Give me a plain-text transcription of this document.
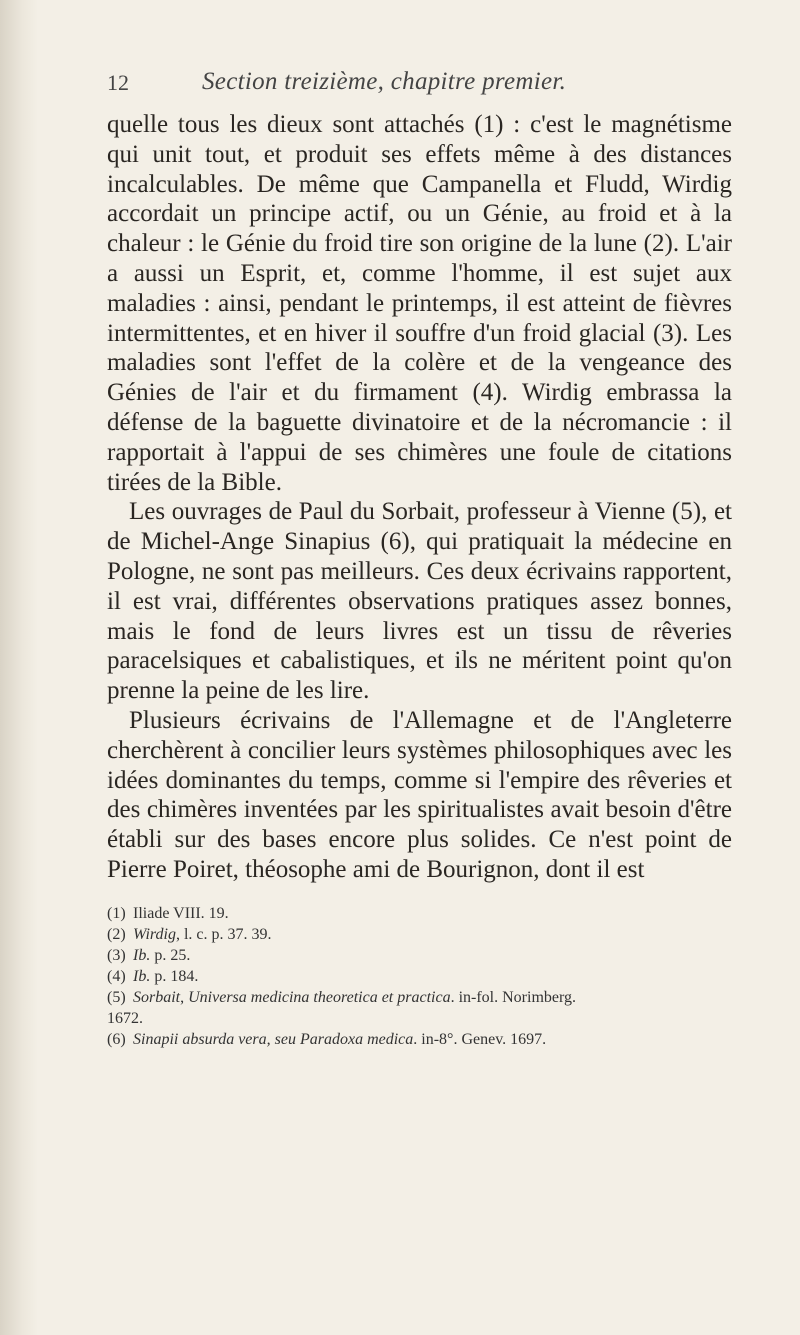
12	Section treizième, chapitre premier.

quelle tous les dieux sont attachés (1) : c'est le magnétisme qui unit tout, et produit ses effets même à des distances incalculables. De même que Campanella et Fludd, Wirdig accordait un principe actif, ou un Génie, au froid et à la chaleur : le Génie du froid tire son origine de la lune (2). L'air a aussi un Esprit, et, comme l'homme, il est sujet aux maladies : ainsi, pendant le printemps, il est atteint de fièvres intermittentes, et en hiver il souffre d'un froid glacial (3). Les maladies sont l'effet de la colère et de la vengeance des Génies de l'air et du firmament (4). Wirdig embrassa la défense de la baguette divinatoire et de la nécromancie : il rapportait à l'appui de ses chimères une foule de citations tirées de la Bible.

Les ouvrages de Paul du Sorbait, professeur à Vienne (5), et de Michel-Ange Sinapius (6), qui pratiquait la médecine en Pologne, ne sont pas meilleurs. Ces deux écrivains rapportent, il est vrai, différentes observations pratiques assez bonnes, mais le fond de leurs livres est un tissu de rêveries paracelsiques et cabalistiques, et ils ne méritent point qu'on prenne la peine de les lire.

Plusieurs écrivains de l'Allemagne et de l'Angleterre cherchèrent à concilier leurs systèmes philosophiques avec les idées dominantes du temps, comme si l'empire des rêveries et des chimères inventées par les spiritualistes avait besoin d'être établi sur des bases encore plus solides. Ce n'est point de Pierre Poiret, théosophe ami de Bourignon, dont il est

(1) Iliade VIII. 19.
(2) Wirdig, l. c. p. 37. 39.
(3) Ib. p. 25.
(4) Ib. p. 184.
(5) Sorbait, Universa medicina theoretica et practica. in-fol. Norimberg.
1672.
(6) Sinapii absurda vera, seu Paradoxa medica. in-8°. Genev. 1697.
